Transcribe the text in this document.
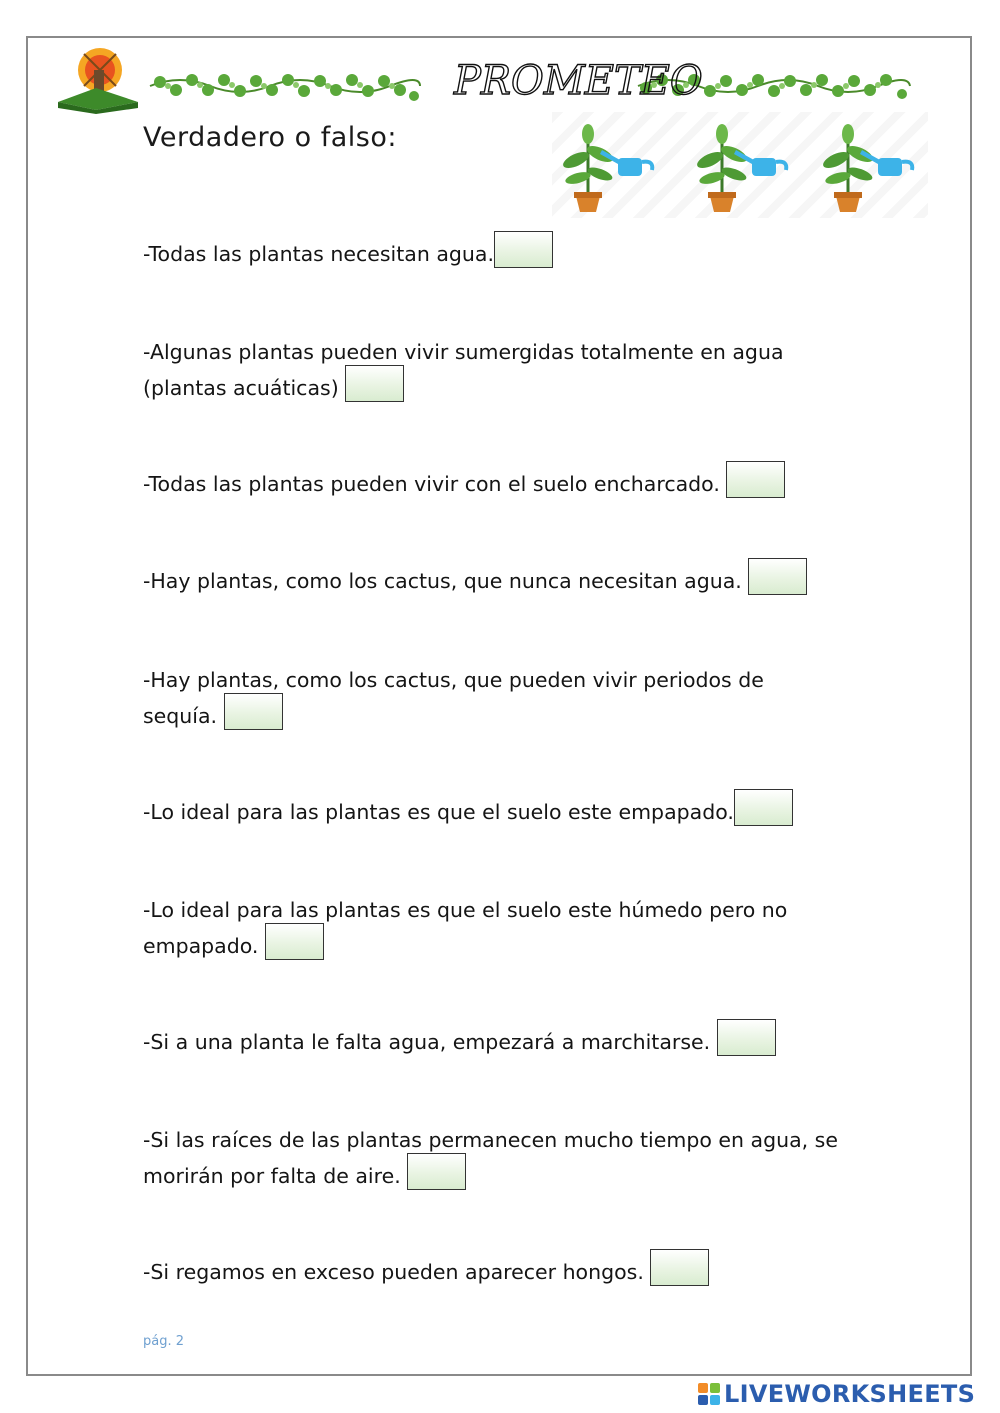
PROMETEO
Verdadero o falso:
-Todas las plantas necesitan agua.
-Algunas plantas pueden vivir sumergidas totalmente en agua (plantas acuáticas)
-Todas las plantas pueden vivir con el suelo encharcado.
-Hay plantas, como los cactus, que nunca necesitan agua.
-Hay plantas, como los cactus, que pueden vivir periodos de sequía.
-Lo ideal para las plantas es que el suelo este empapado.
-Lo ideal para las plantas es que el suelo este húmedo pero no empapado.
-Si a una planta le falta agua, empezará a marchitarse.
-Si las raíces de las plantas permanecen mucho tiempo en agua, se morirán por falta de aire.
-Si regamos en exceso pueden aparecer hongos.
pág. 2
LIVEWORKSHEETS
